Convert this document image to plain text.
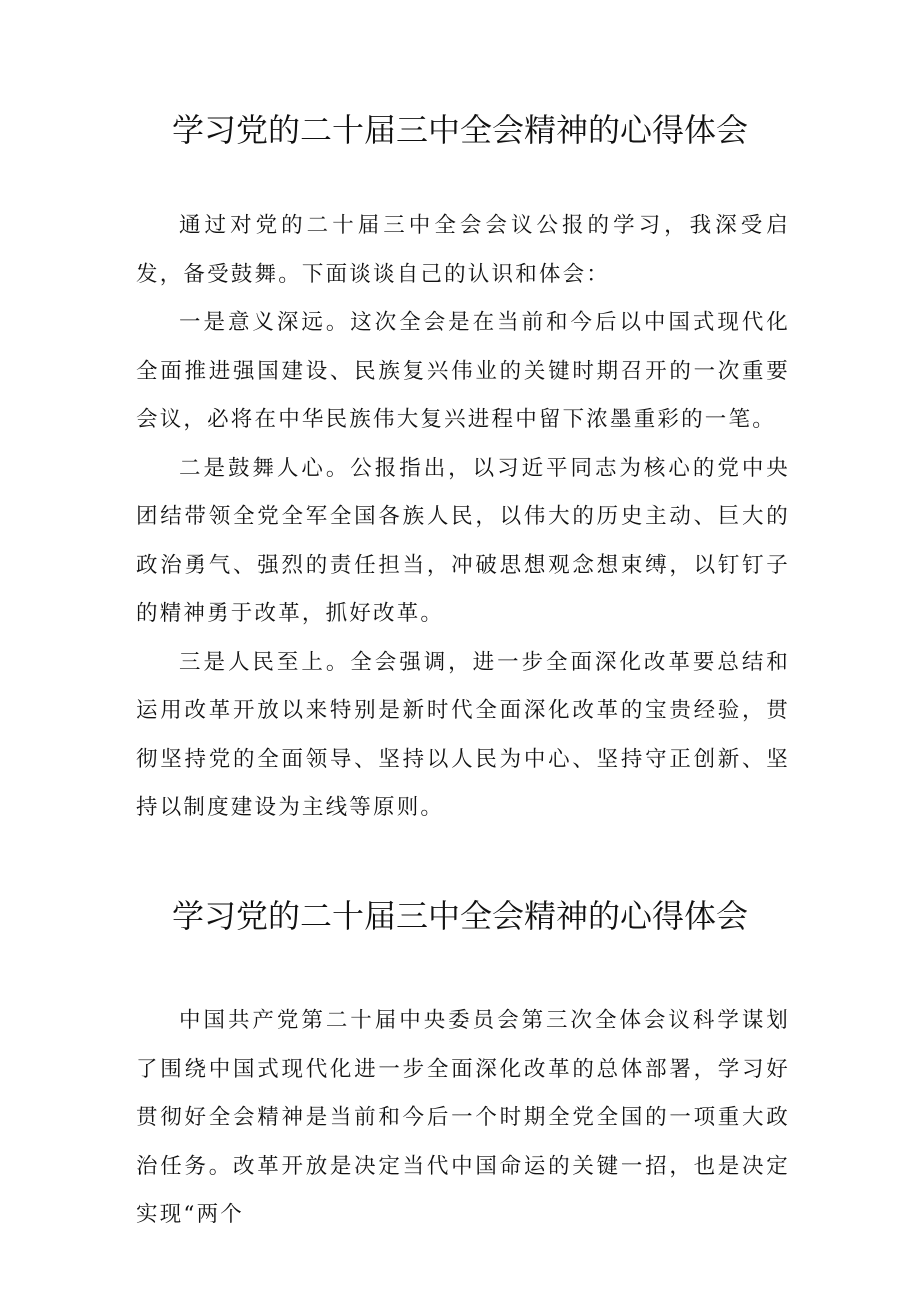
学习党的二十届三中全会精神的心得体会

通过对党的二十届三中全会会议公报的学习，我深受启发，备受鼓舞。下面谈谈自己的认识和体会：

一是意义深远。这次全会是在当前和今后以中国式现代化全面推进强国建设、民族复兴伟业的关键时期召开的一次重要会议，必将在中华民族伟大复兴进程中留下浓墨重彩的一笔。

二是鼓舞人心。公报指出，以习近平同志为核心的党中央团结带领全党全军全国各族人民，以伟大的历史主动、巨大的政治勇气、强烈的责任担当，冲破思想观念想束缚，以钉钉子的精神勇于改革，抓好改革。

三是人民至上。全会强调，进一步全面深化改革要总结和运用改革开放以来特别是新时代全面深化改革的宝贵经验，贯彻坚持党的全面领导、坚持以人民为中心、坚持守正创新、坚持以制度建设为主线等原则。

学习党的二十届三中全会精神的心得体会

中国共产党第二十届中央委员会第三次全体会议科学谋划了围绕中国式现代化进一步全面深化改革的总体部署，学习好贯彻好全会精神是当前和今后一个时期全党全国的一项重大政治任务。改革开放是决定当代中国命运的关键一招，也是决定实现“两个
